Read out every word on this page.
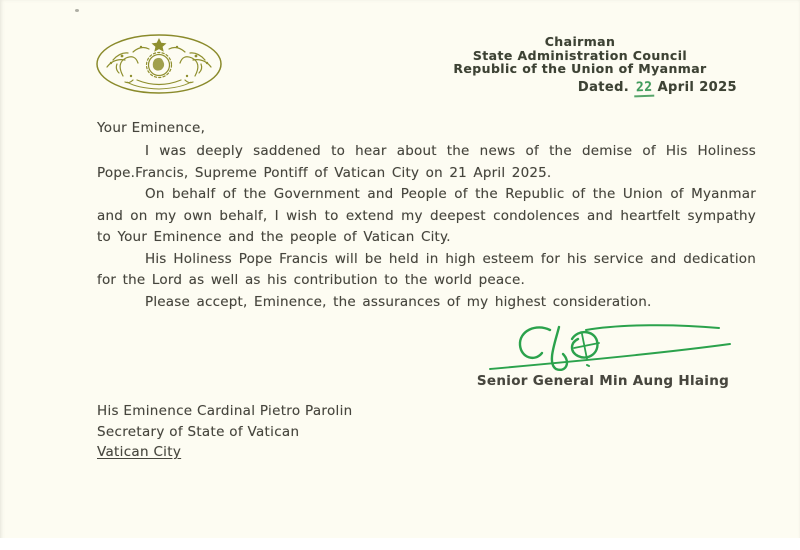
Chairman
State Administration Council
Republic of the Union of Myanmar
Dated. 22 April 2025
Your Eminence,

I was deeply saddened to hear about the news of the demise of His Holiness Pope.Francis, Supreme Pontiff of Vatican City on 21 April 2025.

On behalf of the Government and People of the Republic of the Union of Myanmar and on my own behalf, I wish to extend my deepest condolences and heartfelt sympathy to Your Eminence and the people of Vatican City.

His Holiness Pope Francis will be held in high esteem for his service and dedication for the Lord as well as his contribution to the world peace.

Please accept, Eminence, the assurances of my highest consideration.

Senior General Min Aung Hlaing
His Eminence Cardinal Pietro Parolin
Secretary of State of Vatican
Vatican City
